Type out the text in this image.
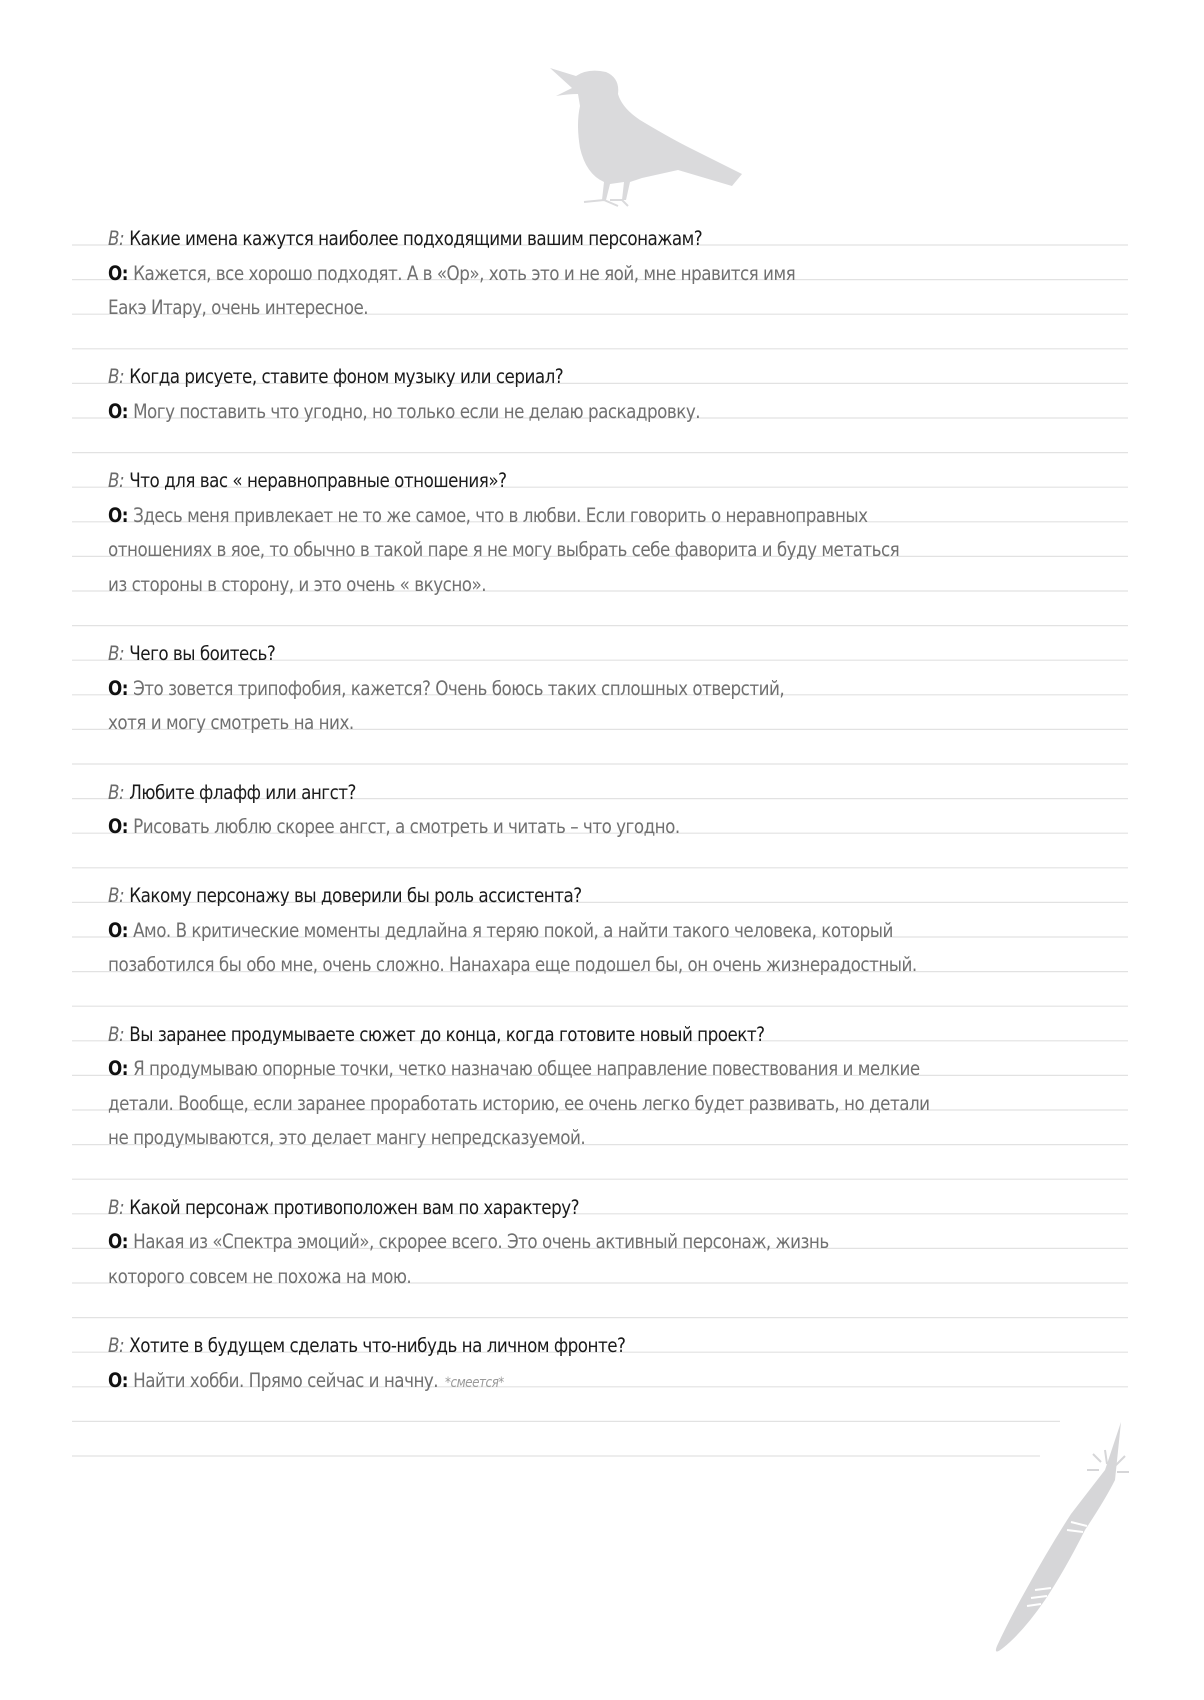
В: Какие имена кажутся наиболее подходящими вашим персонажам?
О: Кажется, все хорошо подходят. А в «Ор», хоть это и не яой, мне нравится имя
Еакэ Итару, очень интересное.
В: Когда рисуете, ставите фоном музыку или сериал?
О: Могу поставить что угодно, но только если не делаю раскадровку.
В: Что для вас « неравноправные отношения»?
О: Здесь меня привлекает не то же самое, что в любви. Если говорить о неравноправных
отношениях в яое, то обычно в такой паре я не могу выбрать себе фаворита и буду метаться
из стороны в сторону, и это очень « вкусно».
В: Чего вы боитесь?
О: Это зовется трипофобия, кажется? Очень боюсь таких сплошных отверстий,
хотя и могу смотреть на них.
В: Любите флафф или ангст?
О: Рисовать люблю скорее ангст, а смотреть и читать – что угодно.
В: Какому персонажу вы доверили бы роль ассистента?
О: Амо. В критические моменты дедлайна я теряю покой, а найти такого человека, который
позаботился бы обо мне, очень сложно. Нанахара еще подошел бы, он очень жизнерадостный.
В: Вы заранее продумываете сюжет до конца, когда готовите новый проект?
О: Я продумываю опорные точки, четко назначаю общее направление повествования и мелкие
детали. Вообще, если заранее проработать историю, ее очень легко будет развивать, но детали
не продумываются, это делает мангу непредсказуемой.
В: Какой персонаж противоположен вам по характеру?
О: Накая из «Спектра эмоций», скрорее всего. Это очень активный персонаж, жизнь
которого совсем не похожа на мою.
В: Хотите в будущем сделать что-нибудь на личном фронте?
О: Найти хобби. Прямо сейчас и начну. *смеется*
